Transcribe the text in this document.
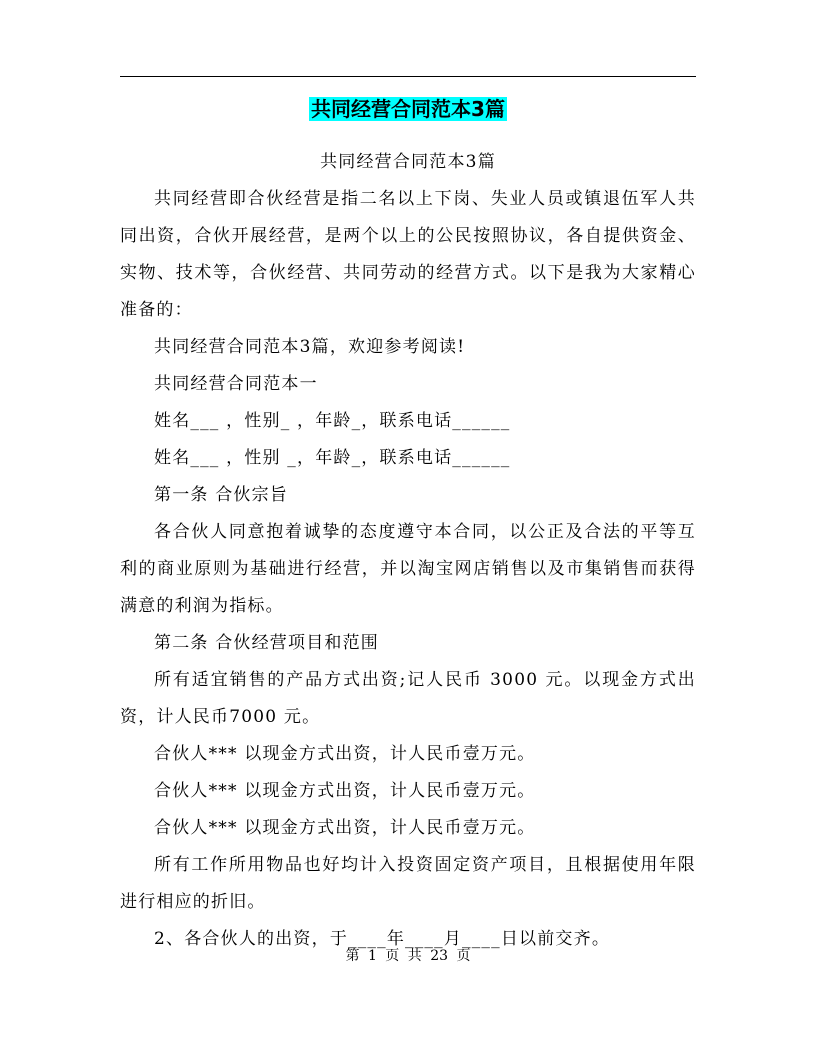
共同经营合同范本3篇

共同经营合同范本3篇

共同经营即合伙经营是指二名以上下岗、失业人员或镇退伍军人共同出资，合伙开展经营，是两个以上的公民按照协议，各自提供资金、实物、技术等，合伙经营、共同劳动的经营方式。以下是我为大家精心准备的：

共同经营合同范本3篇，欢迎参考阅读!

共同经营合同范本一

姓名___ ，性别_ ，年龄_，联系电话______

姓名___ ，性别 _，年龄_，联系电话______

第一条 合伙宗旨

各合伙人同意抱着诚挚的态度遵守本合同，以公正及合法的平等互利的商业原则为基础进行经营，并以淘宝网店销售以及市集销售而获得满意的利润为指标。

第二条 合伙经营项目和范围

所有适宜销售的产品方式出资;记人民币 3000 元。以现金方式出资，计人民币7000 元。

合伙人*** 以现金方式出资，计人民币壹万元。

合伙人*** 以现金方式出资，计人民币壹万元。

合伙人*** 以现金方式出资，计人民币壹万元。

所有工作所用物品也好均计入投资固定资产项目，且根据使用年限进行相应的折旧。

2、各合伙人的出资，于____年____月____日以前交齐。

第 1 页 共 23 页
